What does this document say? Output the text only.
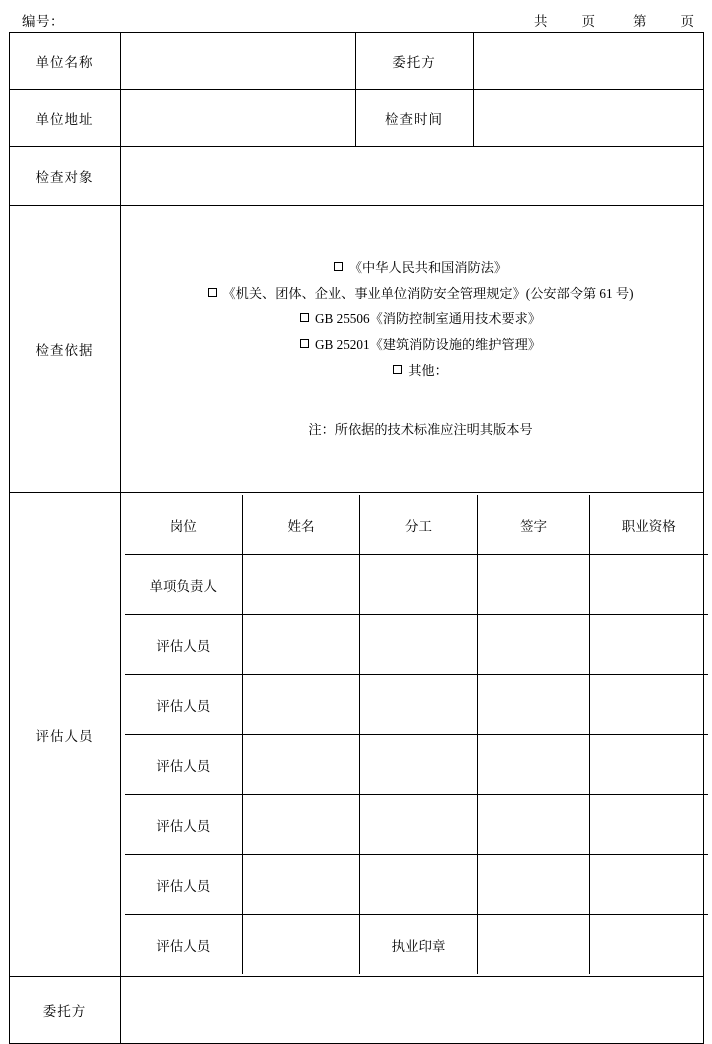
编号：	共	页	第	页
单位名称		委托方	
单位地址		检查时间	
检查对象	
检查依据	
《中华人民共和国消防法》
《机关、团体、企业、事业单位消防安全管理规定》(公安部令第 61 号)
GB 25506《消防控制室通用技术要求》
GB 25201《建筑消防设施的维护管理》
其他：
注：所依据的技术标准应注明其版本号

评估人员	
岗位	姓名	分工	签字	职业资格
单项负责人				
评估人员				
评估人员				
评估人员				
评估人员				
评估人员				
评估人员		执业印章		

委托方	
